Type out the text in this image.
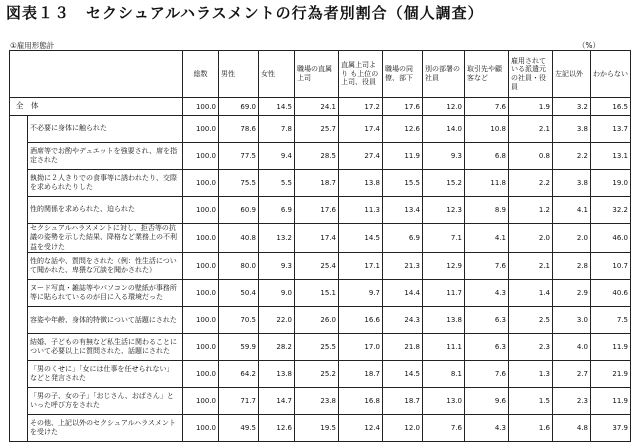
図表１３　セクシュアルハラスメントの行為者別割合（個人調査）
①雇用形態計	（%）
		総数	男性	女性	職場の直属上司	直属上司より も上位の上司、役員	職場の同僚、部下	別の部署の社員	取引先や顧客など	雇用されている派遣元の社員・役員	左記以外	わからない
全　体		100.0	69.0	14.5	24.1	17.2	17.6	12.0	7.6	1.9	3.2	16.5
	不必要に身体に触られた	100.0	78.6	7.8	25.7	17.4	12.6	14.0	10.8	2.1	3.8	13.7
	酒席等でお酌やデュエットを強要され、席を指定された	100.0	77.5	9.4	28.5	27.4	11.9	9.3	6.8	0.8	2.2	13.1
	執拗に２人きりでの食事等に誘われたり、交際を求められたりした	100.0	75.5	5.5	18.7	13.8	15.5	15.2	11.8	2.2	3.8	19.0
	性的関係を求められた、迫られた	100.0	60.9	6.9	17.6	11.3	13.4	12.3	8.9	1.2	4.1	32.2
	セクシュアルハラスメントに対し、拒否等の抗議の姿勢を示した結果、降格など業務上の不利益を受けた	100.0	40.8	13.2	17.4	14.5	6.9	7.1	4.1	2.0	2.0	46.0
	性的な話や、質問をされた（例：性生活について聞かれた、卑猥な冗談を聞かされた）	100.0	80.0	9.3	25.4	17.1	21.3	12.9	7.6	2.1	2.8	10.7
	ヌード写真・雑誌等やパソコンの壁紙が事務所等に貼られているのが目に入る環境だった	100.0	50.4	9.0	15.1	9.7	14.4	11.7	4.3	1.4	2.9	40.6
	容姿や年齢、身体的特徴について話題にされた	100.0	70.5	22.0	26.0	16.6	24.3	13.8	6.3	2.5	3.0	7.5
	結婚、子どもの有無など私生活に関わることについて必要以上に質問された、話題にされた	100.0	59.9	28.2	25.5	17.0	21.8	11.1	6.3	2.3	4.0	11.9
	「男のくせに」「女には仕事を任せられない」などと発言された	100.0	64.2	13.8	25.2	18.7	14.5	8.1	7.6	1.3	2.7	21.9
	「男の子、女の子」「おじさん、おばさん」といった呼び方をされた	100.0	71.7	14.7	23.8	16.8	18.7	13.0	9.6	1.5	2.3	11.9
	その他、上記以外のセクシュアルハラスメントを受けた	100.0	49.5	12.6	19.5	12.4	12.0	7.6	4.3	1.6	4.8	37.9
